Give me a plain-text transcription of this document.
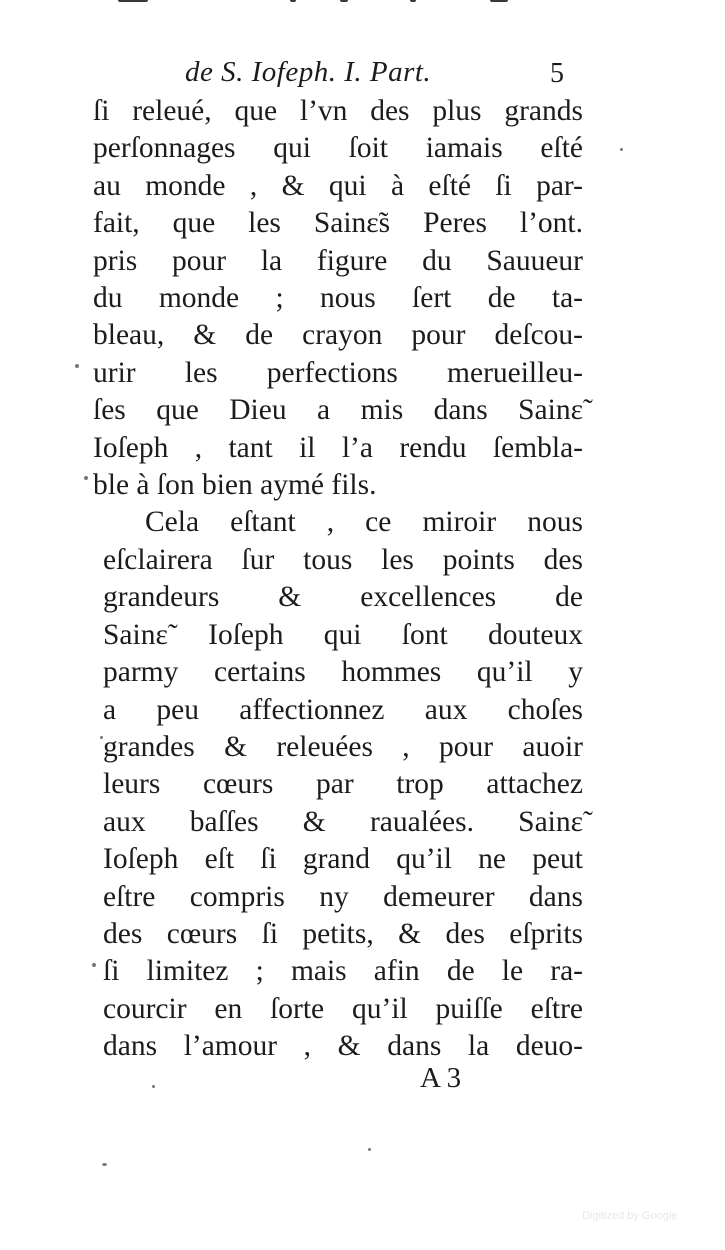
de S. Iofeph. I. Part.	5
ſi releué, que l’vn des plus grands
perſonnages qui ſoit iamais eſté
au monde , & qui à eſté ſi par-
fait, que les Sainɛ̃s Peres l’ont.
pris pour la figure du Sauueur
du monde ; nous ſert de ta-
bleau, & de crayon pour deſcou-
urir les perfections merueilleu-
ſes que Dieu a mis dans Sainɛ̃
Ioſeph , tant il l’a rendu ſembla-
ble à ſon bien aymé fils.
Cela eſtant , ce miroir nous
eſclairera ſur tous les points des
grandeurs & excellences de
Sainɛ̃ Ioſeph qui ſont douteux
parmy certains hommes qu’il y
a peu affectionnez aux choſes
grandes & releuées , pour auoir
leurs cœurs par trop attachez
aux baſſes & raualées. Sainɛ̃
Ioſeph eſt ſi grand qu’il ne peut
eſtre compris ny demeurer dans
des cœurs ſi petits, & des eſprits
ſi limitez ; mais afin de le ra-
courcir en ſorte qu’il puiſſe eſtre
dans l’amour , & dans la deuo-
A 3
Digitized by Google
